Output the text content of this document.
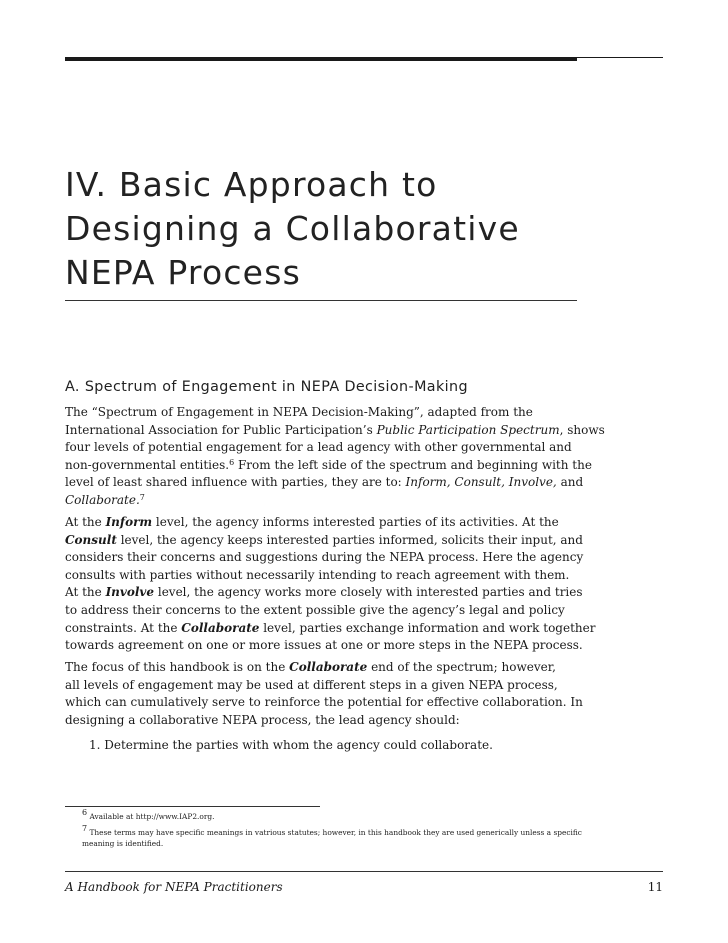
IV. Basic Approach to
Designing a Collaborative
NEPA Process
A. Spectrum of Engagement in NEPA Decision-Making
The “Spectrum of Engagement in NEPA Decision-Making”, adapted from the
International Association for Public Participation’s Public Participation Spectrum, shows
four levels of potential engagement for a lead agency with other governmental and
non-governmental entities.$^6$ From the left side of the spectrum and beginning with the
level of least shared influence with parties, they are to: Inform, Consult, Involve, and
Collaborate.$^7$
At the Inform level, the agency informs interested parties of its activities. At the
Consult level, the agency keeps interested parties informed, solicits their input, and
considers their concerns and suggestions during the NEPA process. Here the agency
consults with parties without necessarily intending to reach agreement with them.
At the Involve level, the agency works more closely with interested parties and tries
to address their concerns to the extent possible give the agency’s legal and policy
constraints. At the Collaborate level, parties exchange information and work together
towards agreement on one or more issues at one or more steps in the NEPA process.
The focus of this handbook is on the Collaborate end of the spectrum; however,
all levels of engagement may be used at different steps in a given NEPA process,
which can cumulatively serve to reinforce the potential for effective collaboration. In
designing a collaborative NEPA process, the lead agency should:
1. Determine the parties with whom the agency could collaborate.

$^6$ Available at http://www.IAP2.org.

$^7$ These terms may have specific meanings in vatrious statutes; however, in this handbook they are used generically unless a specific
meaning is identified.

A Handbook for NEPA Practitioners	11
